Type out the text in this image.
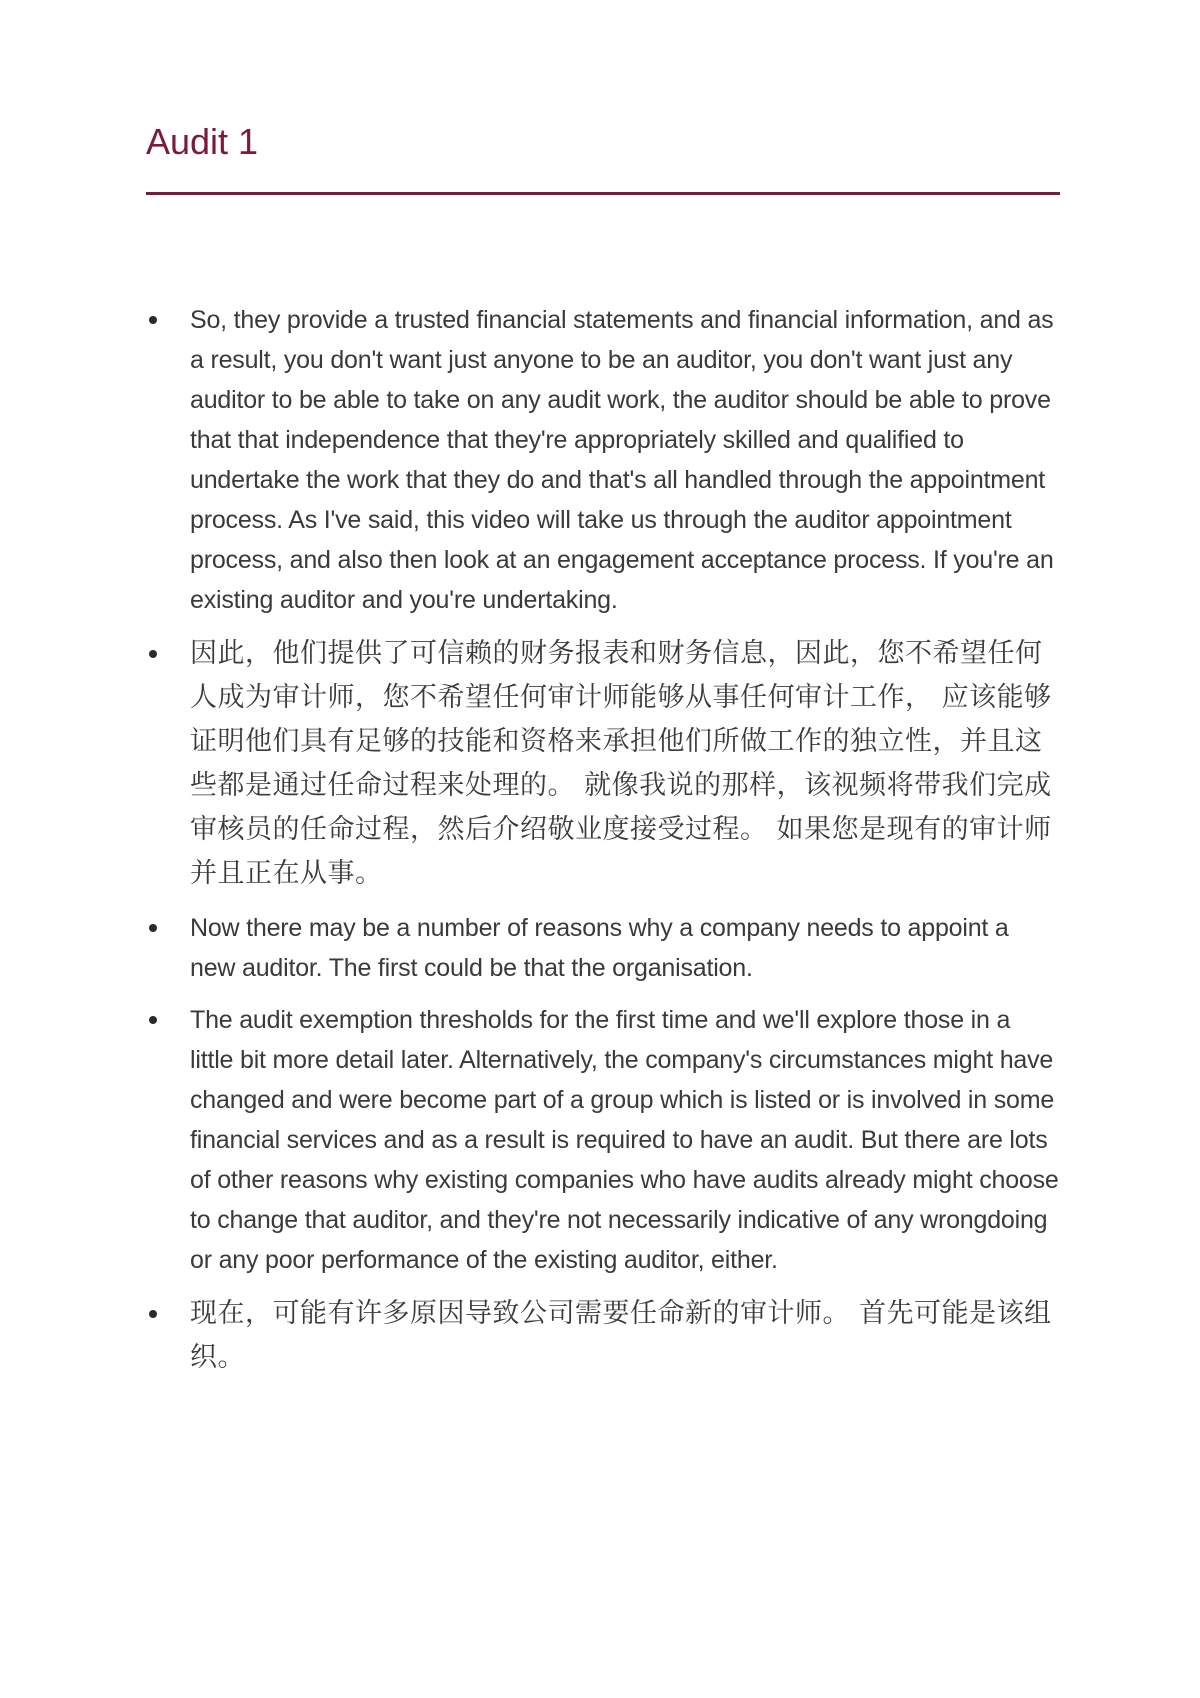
Audit 1
So, they provide a trusted financial statements and financial information, and as a result, you don't want just anyone to be an auditor, you don't want just any auditor to be able to take on any audit work, the auditor should be able to prove that that independence that they're appropriately skilled and qualified to undertake the work that they do and that's all handled through the appointment process. As I've said, this video will take us through the auditor appointment process, and also then look at an engagement acceptance process. If you're an existing auditor and you're undertaking.
因此，他们提供了可信赖的财务报表和财务信息，因此，您不希望任何人成为审计师，您不希望任何审计师能够从事任何审计工作， 应该能够证明他们具有足够的技能和资格来承担他们所做工作的独立性，并且这些都是通过任命过程来处理的。 就像我说的那样，该视频将带我们完成审核员的任命过程，然后介绍敬业度接受过程。 如果您是现有的审计师并且正在从事。
Now there may be a number of reasons why a company needs to appoint a new auditor. The first could be that the organisation.
The audit exemption thresholds for the first time and we'll explore those in a little bit more detail later. Alternatively, the company's circumstances might have changed and were become part of a group which is listed or is involved in some financial services and as a result is required to have an audit. But there are lots of other reasons why existing companies who have audits already might choose to change that auditor, and they're not necessarily indicative of any wrongdoing or any poor performance of the existing auditor, either.
现在，可能有许多原因导致公司需要任命新的审计师。 首先可能是该组织。
